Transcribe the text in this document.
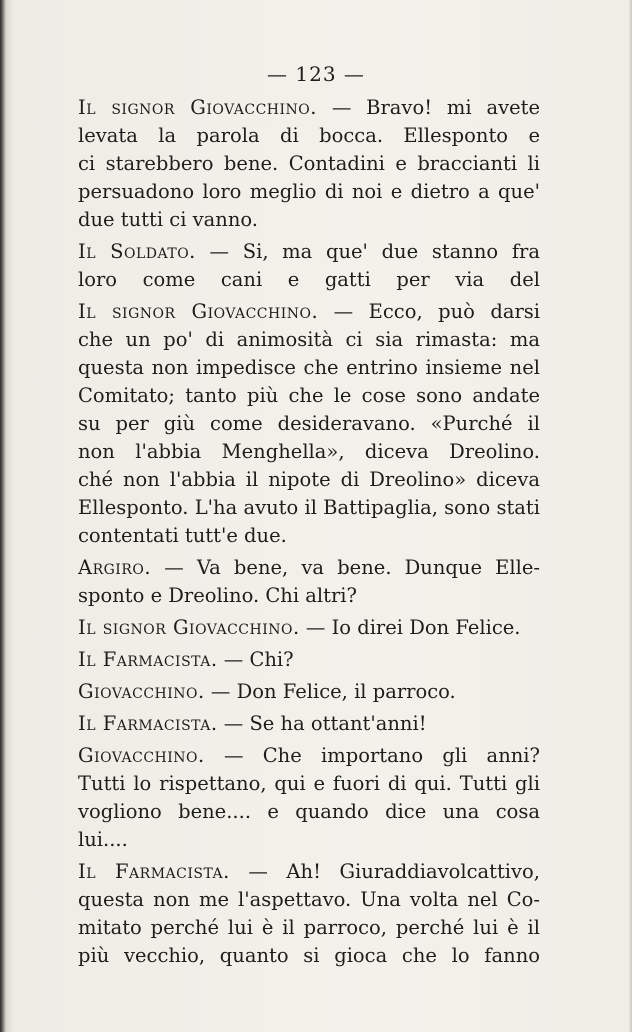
— 123 —
Il signor Giovacchino. — Bravo! mi avete
levata la parola di bocca. Ellesponto e
ci starebbero bene. Contadini e braccianti li
persuadono loro meglio di noi e dietro a que'
due tutti ci vanno.
Il Soldato. — Si, ma que' due stanno fra
loro come cani e gatti per via del
Il signor Giovacchino. — Ecco, può darsi
che un po' di animosità ci sia rimasta: ma
questa non impedisce che entrino insieme nel
Comitato; tanto più che le cose sono andate
su per giù come desideravano. «Purché il
non l'abbia Menghella», diceva Dreolino.
ché non l'abbia il nipote di Dreolino» diceva
Ellesponto. L'ha avuto il Battipaglia, sono stati
contentati tutt'e due.
Argiro. — Va bene, va bene. Dunque Elle-
sponto e Dreolino. Chi altri?
Il signor Giovacchino. — Io direi Don Felice.
Il Farmacista. — Chi?
Giovacchino. — Don Felice, il parroco.
Il Farmacista. — Se ha ottant'anni!
Giovacchino. — Che importano gli anni?
Tutti lo rispettano, qui e fuori di qui. Tutti gli
vogliono bene.... e quando dice una cosa
lui....
Il Farmacista. — Ah! Giuraddiavolcattivo,
questa non me l'aspettavo. Una volta nel Co-
mitato perché lui è il parroco, perché lui è il
più vecchio, quanto si gioca che lo fanno
